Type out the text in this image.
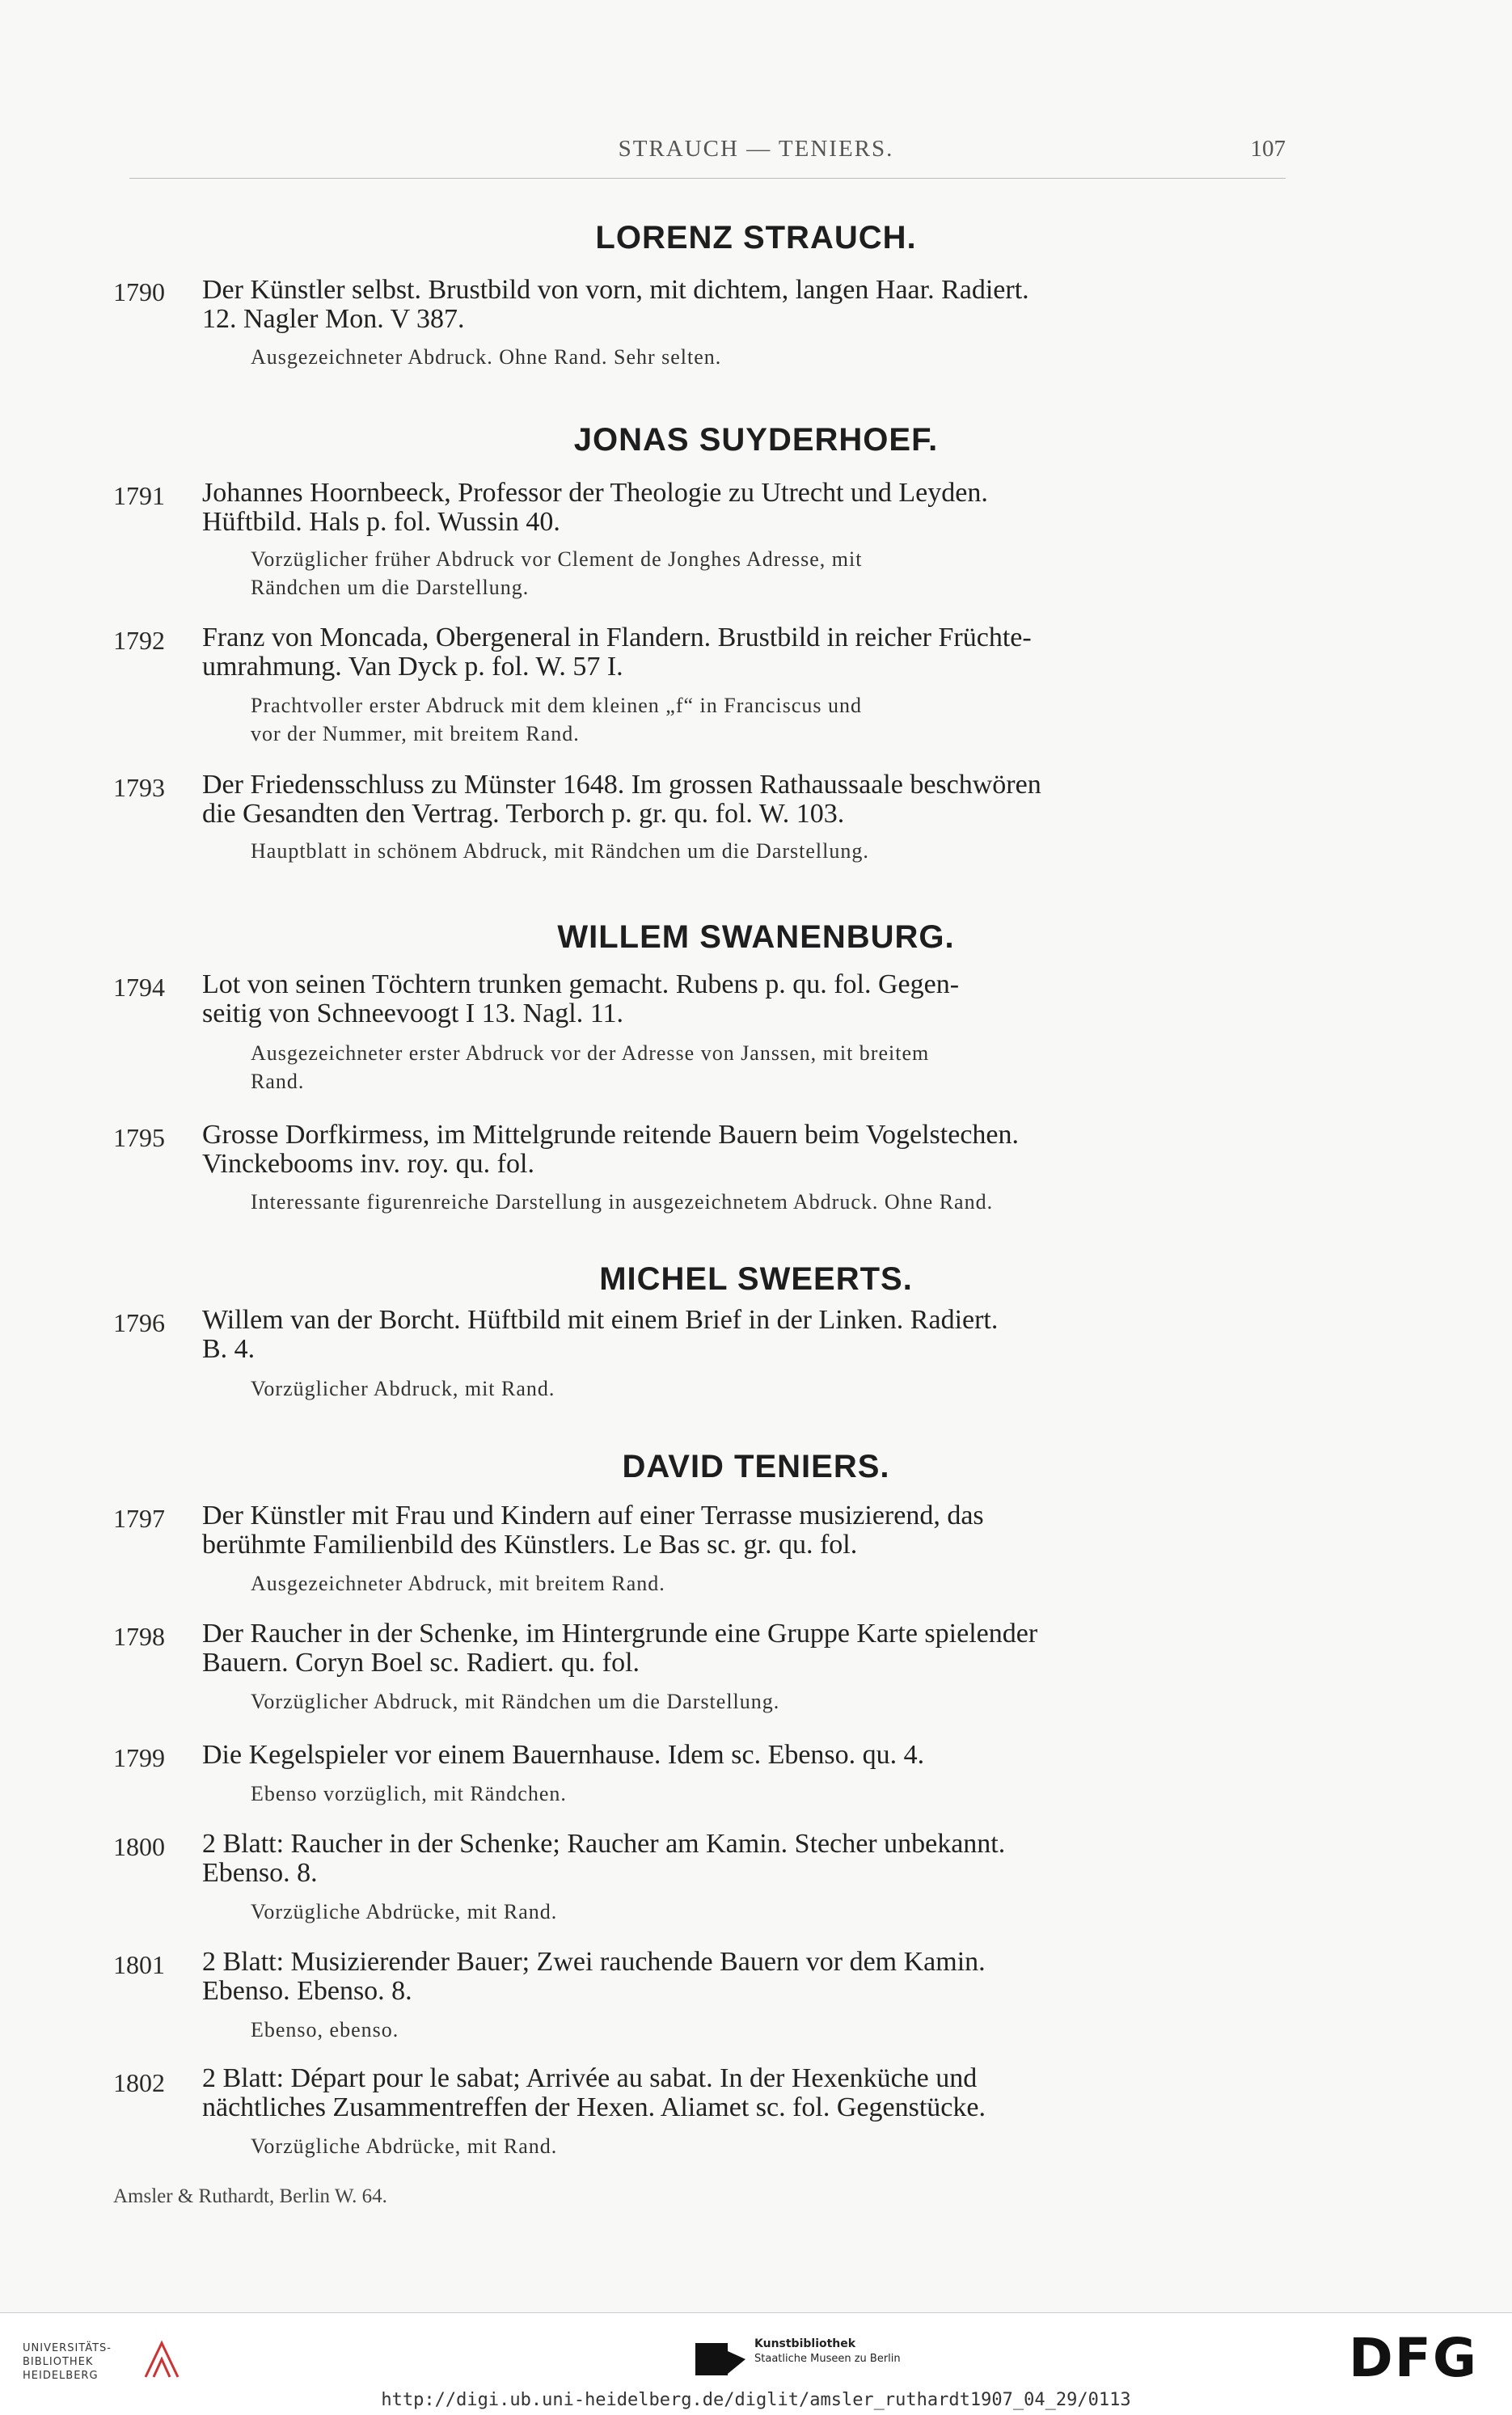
STRAUCH — TENIERS.	107
LORENZ STRAUCH.
1790 Der Künstler selbst. Brustbild von vorn, mit dichtem, langen Haar. Radiert.
12. Nagler Mon. V 387.
Ausgezeichneter Abdruck. Ohne Rand. Sehr selten.
JONAS SUYDERHOEF.
1791 Johannes Hoornbeeck, Professor der Theologie zu Utrecht und Leyden.
Hüftbild. Hals p. fol. Wussin 40.
Vorzüglicher früher Abdruck vor Clement de Jonghes Adresse, mit
Rändchen um die Darstellung.
1792 Franz von Moncada, Obergeneral in Flandern. Brustbild in reicher Früchte-
umrahmung. Van Dyck p. fol. W. 57 I.
Prachtvoller erster Abdruck mit dem kleinen „f“ in Franciscus und
vor der Nummer, mit breitem Rand.
1793 Der Friedensschluss zu Münster 1648. Im grossen Rathaussaale beschwören
die Gesandten den Vertrag. Terborch p. gr. qu. fol. W. 103.
Hauptblatt in schönem Abdruck, mit Rändchen um die Darstellung.
WILLEM SWANENBURG.
1794 Lot von seinen Töchtern trunken gemacht. Rubens p. qu. fol. Gegen-
seitig von Schneevoogt I 13. Nagl. 11.
Ausgezeichneter erster Abdruck vor der Adresse von Janssen, mit breitem
Rand.
1795 Grosse Dorfkirmess, im Mittelgrunde reitende Bauern beim Vogelstechen.
Vinckebooms inv. roy. qu. fol.
Interessante figurenreiche Darstellung in ausgezeichnetem Abdruck. Ohne Rand.
MICHEL SWEERTS.
1796 Willem van der Borcht. Hüftbild mit einem Brief in der Linken. Radiert.
B. 4.
Vorzüglicher Abdruck, mit Rand.
DAVID TENIERS.
1797 Der Künstler mit Frau und Kindern auf einer Terrasse musizierend, das
berühmte Familienbild des Künstlers. Le Bas sc. gr. qu. fol.
Ausgezeichneter Abdruck, mit breitem Rand.
1798 Der Raucher in der Schenke, im Hintergrunde eine Gruppe Karte spielender
Bauern. Coryn Boel sc. Radiert. qu. fol.
Vorzüglicher Abdruck, mit Rändchen um die Darstellung.
1799 Die Kegelspieler vor einem Bauernhause. Idem sc. Ebenso. qu. 4.
Ebenso vorzüglich, mit Rändchen.
1800 2 Blatt: Raucher in der Schenke; Raucher am Kamin. Stecher unbekannt.
Ebenso. 8.
Vorzügliche Abdrücke, mit Rand.
1801 2 Blatt: Musizierender Bauer; Zwei rauchende Bauern vor dem Kamin.
Ebenso. Ebenso. 8.
Ebenso, ebenso.
1802 2 Blatt: Départ pour le sabat; Arrivée au sabat. In der Hexenküche und
nächtliches Zusammentreffen der Hexen. Aliamet sc. fol. Gegenstücke.
Vorzügliche Abdrücke, mit Rand.
Amsler & Ruthardt, Berlin W. 64.
UNIVERSITÄTS-
BIBLIOTHEK
HEIDELBERG
Kunstbibliothek
Staatliche Museen zu Berlin	DFG
http://digi.ub.uni-heidelberg.de/diglit/amsler_ruthardt1907_04_29/0113
